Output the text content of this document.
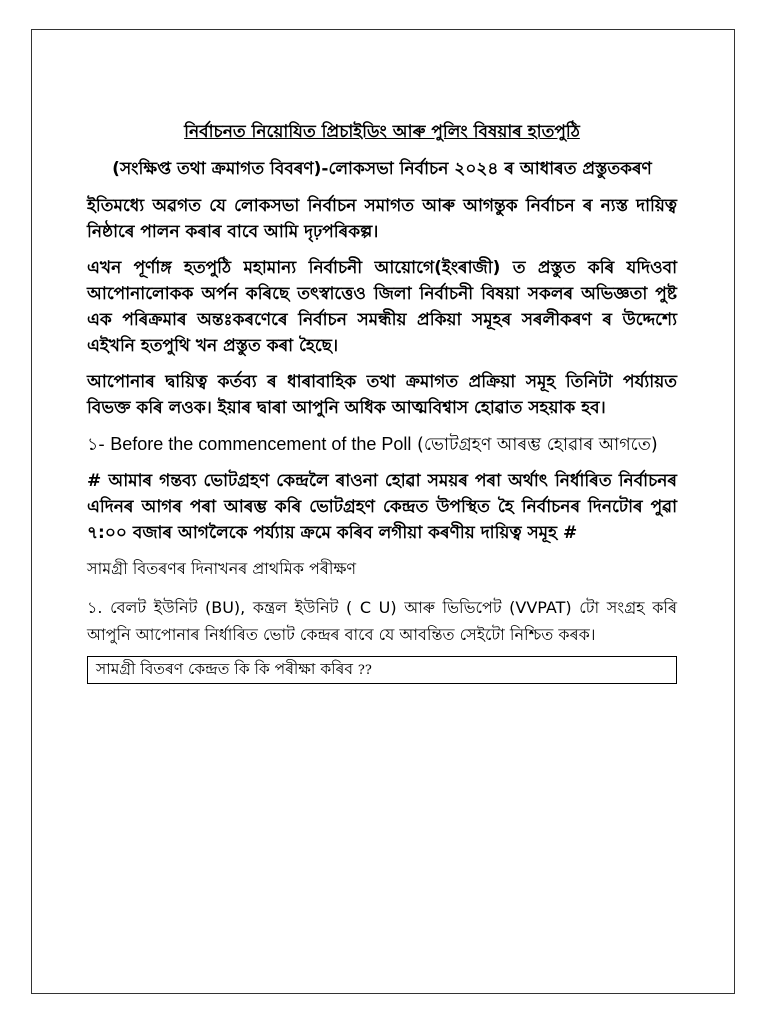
নিৰ্বাচনত নিয়োযিত প্ৰিচাইডিং আৰু পুলিং বিষয়াৰ হাতপুঠি

(সংক্ষিপ্ত তথা ক্ৰমাগত বিবৰণ)-লোকসভা নিৰ্বাচন ২০২৪ ৰ আধাৰত প্ৰস্তুতকৰণ

ইতিমধ্যে অৱগত যে লোকসভা নিৰ্বাচন সমাগত আৰু আগন্তুক নিৰ্বাচন ৰ ন্যস্ত দায়িত্ব নিষ্ঠাৰে পালন কৰাৰ বাবে আমি দৃঢ়পৰিকল্প।

এখন পূৰ্ণাঙ্গ হতপুঠি মহামান্য নিৰ্বাচনী আয়োগে(ইংৰাজী) ত প্ৰস্তুত কৰি যদিওবা আপোনালোকক অৰ্পন কৰিছে তৎস্বাত্তেও জিলা নিৰ্বাচনী বিষয়া সকলৰ অভিজ্ঞতা পুষ্ট এক পৰিক্ৰমাৰ অন্তঃকৰণেৰে নিৰ্বাচন সমন্ধীয় প্ৰকিয়া সমূহৰ সৰলীকৰণ ৰ উদ্দেশ্যে এইখনি হতপুথি খন প্ৰস্তুত কৰা হৈছে।

আপোনাৰ দ্বায়িত্ব কৰ্তব্য ৰ ধাৰাবাহিক তথা ক্ৰমাগত প্ৰক্ৰিয়া সমূহ তিনিটা পৰ্য্যায়ত বিভক্ত কৰি লওক। ইয়াৰ দ্বাৰা আপুনি অধিক আত্মবিশ্বাস হোৱাত সহয়াক হব।

১- Before the commencement of the Poll (ভোটগ্ৰহণ আৰম্ভ হোৱাৰ আগতে)

# আমাৰ গন্তব্য ভোটগ্ৰহণ কেন্দ্ৰলৈ ৰাওনা হোৱা সময়ৰ পৰা অৰ্থাৎ নিৰ্ধাৰিত নিৰ্বাচনৰ এদিনৰ আগৰ পৰা আৰম্ভ কৰি ভোটগ্ৰহণ কেন্দ্ৰত উপস্থিত হৈ নিৰ্বাচনৰ দিনটোৰ পুৱা ৭:০০ বজাৰ আগলৈকে পৰ্য্যায় ক্ৰমে কৰিব লগীয়া কৰণীয় দায়িত্ব সমূহ #

সামগ্ৰী বিতৰণৰ দিনাখনৰ প্ৰাথমিক পৰীক্ষণ

১. বেলট ইউনিট (BU), কন্ত্ৰল ইউনিট ( C U) আৰু ভিভিপেট (VVPAT) টো সংগ্ৰহ কৰি আপুনি আপোনাৰ নিৰ্ধাৰিত ভোট কেন্দ্ৰৰ বাবে যে আবন্তিত সেইটো নিশ্চিত কৰক।

সামগ্ৰী বিতৰণ কেন্দ্ৰত কি কি পৰীক্ষা কৰিব ??
